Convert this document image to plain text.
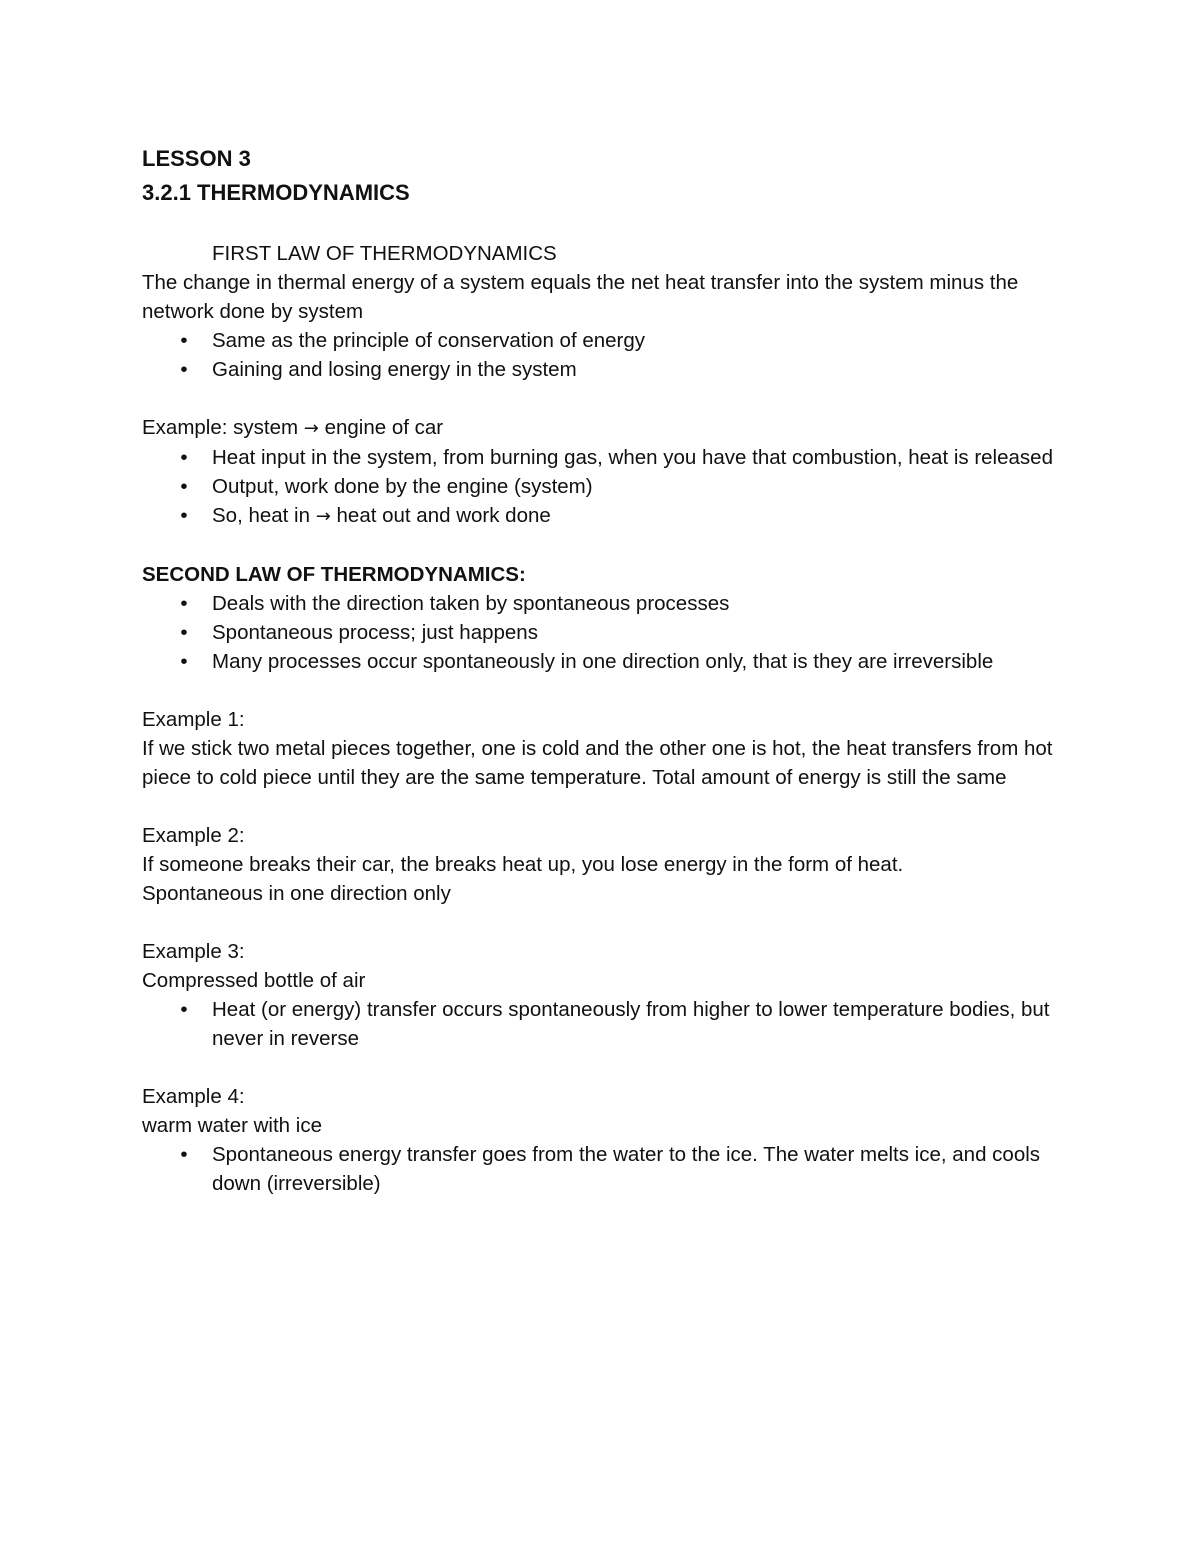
LESSON 3

3.2.1 THERMODYNAMICS

FIRST LAW OF THERMODYNAMICS

The change in thermal energy of a system equals the net heat transfer into the system minus the network done by system

•	Same as the principle of conservation of energy
•	Gaining and losing energy in the system

Example: system → engine of car

•	Heat input in the system, from burning gas, when you have that combustion, heat is released
•	Output, work done by the engine (system)
•	So, heat in → heat out and work done

SECOND LAW OF THERMODYNAMICS:

•	Deals with the direction taken by spontaneous processes
•	Spontaneous process; just happens
•	Many processes occur spontaneously in one direction only, that is they are irreversible

Example 1:

If we stick two metal pieces together, one is cold and the other one is hot, the heat transfers from hot piece to cold piece until they are the same temperature. Total amount of energy is still the same

Example 2:

If someone breaks their car, the breaks heat up, you lose energy in the form of heat.

Spontaneous in one direction only

Example 3:

Compressed bottle of air

•	Heat (or energy) transfer occurs spontaneously from higher to lower temperature bodies, but never in reverse

Example 4:

warm water with ice

•	Spontaneous energy transfer goes from the water to the ice. The water melts ice, and cools down (irreversible)
